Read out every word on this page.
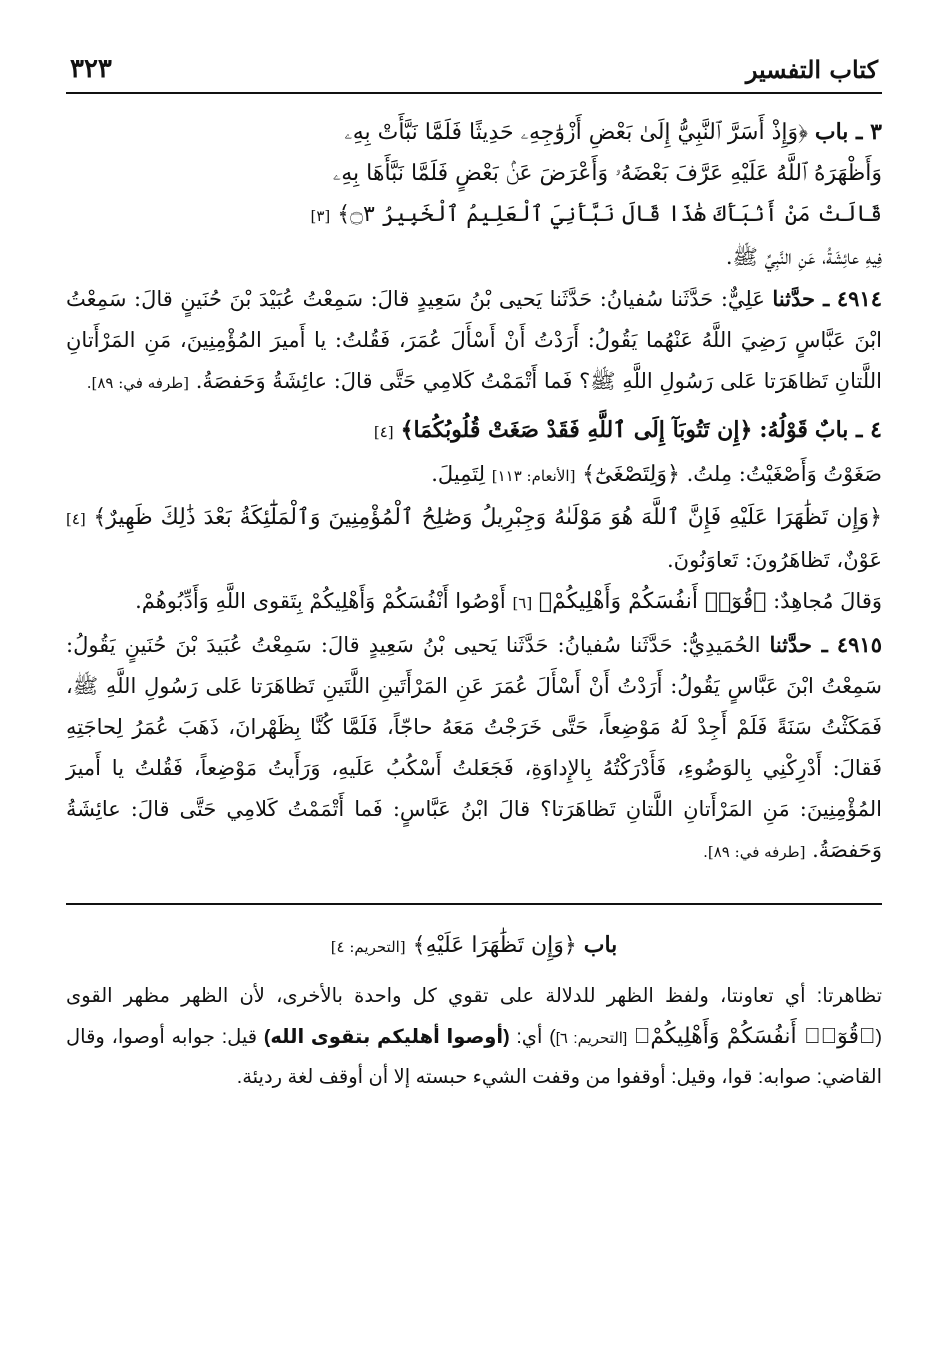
كتاب التفسير
٣٢٣

٣ ـ باب ﴿وَإِذْ أَسَرَّ ٱلنَّبِيُّ إِلَىٰ بَعْضِ أَزْوَٰجِهِۦ حَدِيثًا فَلَمَّا نَبَّأَتْ بِهِۦ

وَأَظْهَرَهُ ٱللَّهُ عَلَيْهِ عَرَّفَ بَعْضَهُۥ وَأَعْرَضَ عَنۢ بَعْضٍ فَلَمَّا نَبَّأَهَا بِهِۦ

قَالَتْ مَنْ أَنۢبَأَكَ هَٰذَا قَالَ نَبَّأَنِيَ ٱلْعَلِيمُ ٱلْخَبِيرُ ۝٣﴾ [٣]

فِيهِ عائِشَةُ، عَنِ النَّبِيِّ ﷺ.

٤٩١٤ ـ حدَّثنا عَلِيٌّ: حَدَّثَنا سُفيانُ: حَدَّثَنا يَحيى بْنُ سَعِيدٍ قالَ: سَمِعْتُ عُبَيْدَ بْنَ حُنَينٍ قالَ: سَمِعْتُ ابْنَ عَبَّاسٍ رَضِيَ اللَّهُ عَنْهُما يَقُولُ: أَرَدْتُ أَنْ أَسْأَلَ عُمَرَ، فَقُلتُ: يا أَميرَ المُؤْمِنِينَ، مَنِ المَرْأَتانِ اللَّتانِ تَظاهَرَتا عَلى رَسُولِ اللَّهِ ﷺ؟ فَما أَتْمَمْتُ كَلامِي حَتَّى قالَ: عائِشَةُ وَحَفصَةُ. [طرفه في: ٨٩].

٤ ـ بابٌ قَوْلُهُ: ﴿إِن تَتُوبَآ إِلَى ٱللَّهِ فَقَدْ صَغَتْ قُلُوبُكُمَا﴾ [٤]

صَغَوْتُ وَأَصْغَيْتُ: مِلتُ. ﴿وَلِتَصْغَىٰٓ﴾ [الأنعام: ١١٣] لِتَمِيلَ.

﴿وَإِن تَظَٰهَرَا عَلَيْهِ فَإِنَّ ٱللَّهَ هُوَ مَوْلَىٰهُ وَجِبْرِيلُ وَصَٰلِحُ ٱلْمُؤْمِنِينَ وَٱلْمَلَٰٓئِكَةُ بَعْدَ ذَٰلِكَ ظَهِيرٌ﴾ [٤] عَوْنٌ، تَظاهَرُونَ: تَعاوَنُونَ.

وَقالَ مُجاهِدٌ: ﴿قُوٓا۟ أَنفُسَكُمْ وَأَهْلِيكُمْ﴾ [٦] أَوْصُوا أَنْفُسَكُمْ وَأَهْلِيكُمْ بِتَقوى اللَّهِ وَأَدِّبُوهُمْ.

٤٩١٥ ـ حدَّثنا الحُمَيدِيُّ: حَدَّثَنا سُفيانُ: حَدَّثَنا يَحيى بْنُ سَعِيدٍ قالَ: سَمِعْتُ عُبَيدَ بْنَ حُنَينٍ يَقُولُ: سَمِعْتُ ابْنَ عَبَّاسٍ يَقُولُ: أَرَدْتُ أَنْ أَسْأَلَ عُمَرَ عَنِ المَرْأَتَينِ اللَّتَينِ تَظاهَرَتا عَلى رَسُولِ اللَّهِ ﷺ، فَمَكَثْتُ سَنَةً فَلَمْ أَجِدْ لَهُ مَوْضِعاً، حَتَّى خَرَجْتُ مَعَهُ حاجّاً، فَلَمَّا كُنَّا بِظَهْرانَ، ذَهَبَ عُمَرُ لِحاجَتِهِ فَقالَ: أَدْرِكْنِي بِالوَضُوءِ، فَأَدْرَكْتُهُ بِالإِداوَةِ، فَجَعَلتُ أَسْكُبُ عَلَيهِ، وَرَأَيتُ مَوْضِعاً، فَقُلتُ يا أَميرَ المُؤْمِنِينَ: مَنِ المَرْأَتانِ اللَّتانِ تَظاهَرَتا؟ قالَ ابْنُ عَبَّاسٍ: فَما أَتْمَمْتُ كَلامِي حَتَّى قالَ: عائِشَةُ وَحَفصَةُ. [طرفه في: ٨٩].

باب ﴿وَإِن تَظَٰهَرَا عَلَيْهِ﴾ [التحريم: ٤]

تظاهرتا: أي تعاونتا، ولفظ الظهر للدلالة على تقوي كل واحدة بالأخرى، لأن الظهر مظهر القوى (﴿قُوٓا۟ أَنفُسَكُمْ وَأَهْلِيكُمْ﴾ [التحريم: ٦]) أي: (أوصوا أهليكم بتقوى الله) قيل: جوابه أوصوا، وقال القاضي: صوابه: قوا، وقيل: أوقفوا من وقفت الشيء حبسته إلا أن أوقف لغة رديئة.
